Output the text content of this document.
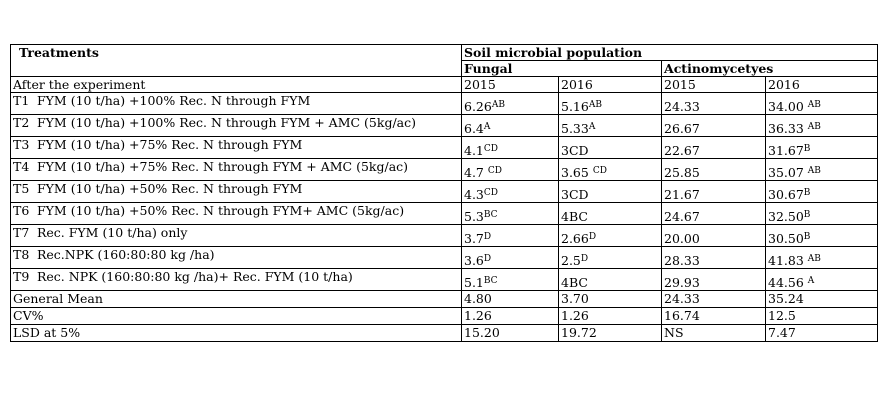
Treatments	Soil microbial population			
	Fungal		Actinomycetyes	
After the experiment	2015	2016	2015	2016
T1 FYM (10 t/ha) +100% Rec. N through FYM	$6.26^{AB}$	$5.16^{AB}$	24.33	34.00 $^{AB}$
T2 FYM (10 t/ha) +100% Rec. N through FYM + AMC (5kg/ac)	$6.4^A$	$5.33^A$	26.67	36.33 $^{AB}$
T3 FYM (10 t/ha) +75% Rec. N through FYM	$4.1^{CD}$	3CD	22.67	$31.67^B$
T4 FYM (10 t/ha) +75% Rec. N through FYM + AMC (5kg/ac)	4.7 $^{CD}$	3.65 $^{CD}$	25.85	35.07 $^{AB}$
T5 FYM (10 t/ha) +50% Rec. N through FYM	$4.3^{CD}$	3CD	21.67	$30.67^B$
T6 FYM (10 t/ha) +50% Rec. N through FYM+ AMC (5kg/ac)	$5.3^{BC}$	4BC	24.67	$32.50^B$
T7 Rec. FYM (10 t/ha) only	$3.7^D$	$2.66^D$	20.00	$30.50^B$
T8 Rec.NPK (160:80:80 kg /ha)	$3.6^D$	$2.5^D$	28.33	41.83 $^{AB}$
T9 Rec. NPK (160:80:80 kg /ha)+ Rec. FYM (10 t/ha)	$5.1^{BC}$	4BC	29.93	44.56 $^A$
General Mean	4.80	3.70	24.33	35.24
CV%	1.26	1.26	16.74	12.5
LSD at 5%	15.20	19.72	NS	7.47
